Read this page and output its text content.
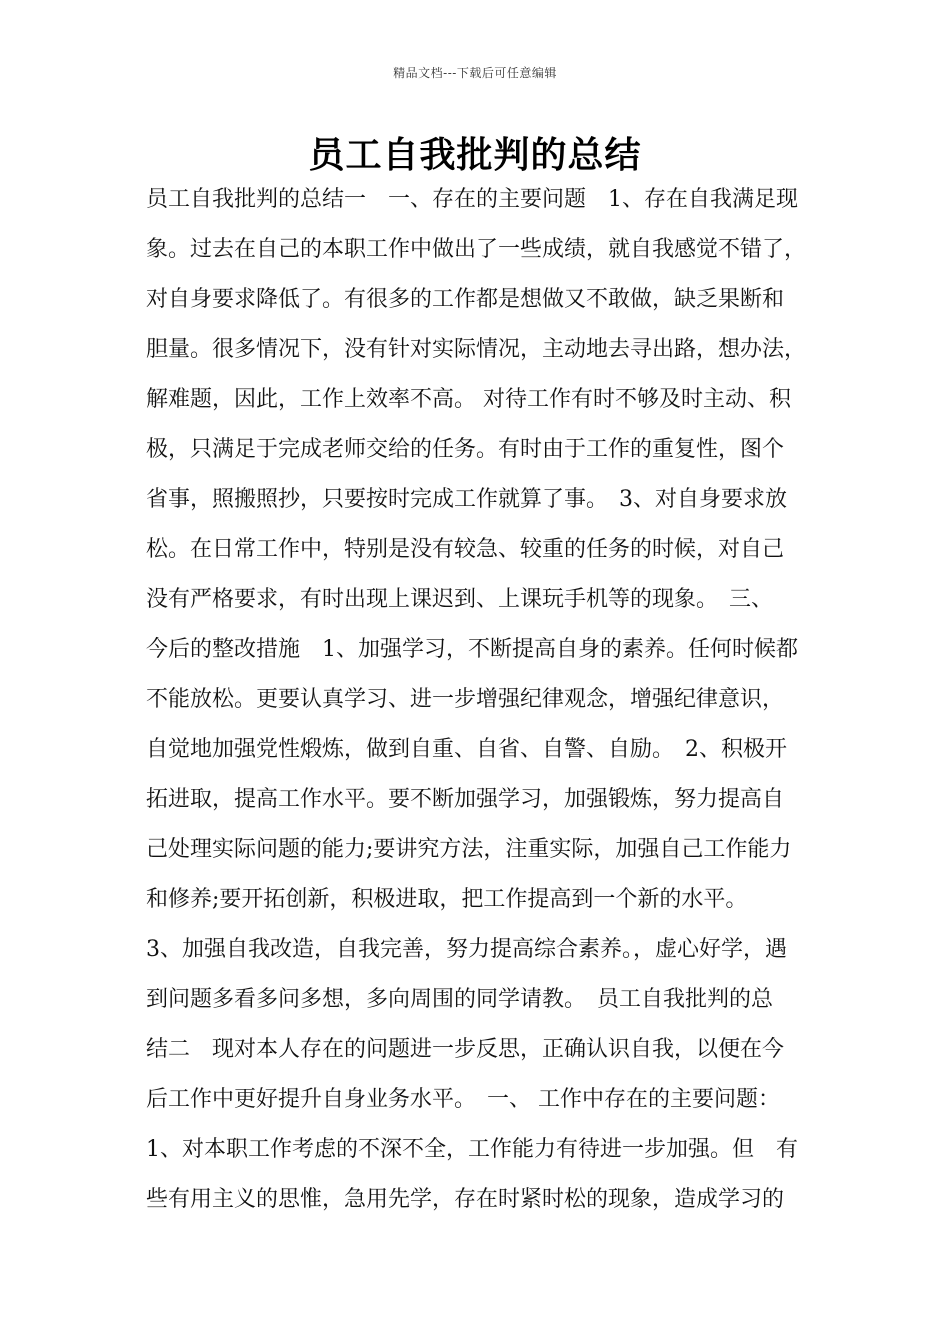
精品文档---下载后可任意编辑
员工自我批判的总结
员工自我批判的总结一　一、存在的主要问题　1、存在自我满足现
象。过去在自己的本职工作中做出了一些成绩，就自我感觉不错了，
对自身要求降低了。有很多的工作都是想做又不敢做，缺乏果断和
胆量。很多情况下，没有针对实际情况，主动地去寻出路，想办法，
解难题，因此，工作上效率不高。 对待工作有时不够及时主动、积
极，只满足于完成老师交给的任务。有时由于工作的重复性，图个
省事，照搬照抄，只要按时完成工作就算了事。　3、对自身要求放
松。在日常工作中，特别是没有较急、较重的任务的时候，对自己
没有严格要求，有时出现上课迟到、上课玩手机等的现象。　三、
今后的整改措施　1、加强学习，不断提高自身的素养。任何时候都
不能放松。更要认真学习、进一步增强纪律观念，增强纪律意识，
自觉地加强党性煅炼，做到自重、自省、自警、自励。　2、积极开
拓进取，提高工作水平。要不断加强学习，加强锻炼，努力提高自
己处理实际问题的能力;要讲究方法，注重实际，加强自己工作能力
和修养;要开拓创新，积极进取，把工作提高到一个新的水平。
3、加强自我改造，自我完善，努力提高综合素养。，虚心好学，遇
到问题多看多问多想，多向周围的同学请教。　员工自我批判的总
结二　现对本人存在的问题进一步反思，正确认识自我，以便在今
后工作中更好提升自身业务水平。　一、 工作中存在的主要问题：
1、对本职工作考虑的不深不全，工作能力有待进一步加强。但　有
些有用主义的思惟，急用先学，存在时紧时松的现象，造成学习的
